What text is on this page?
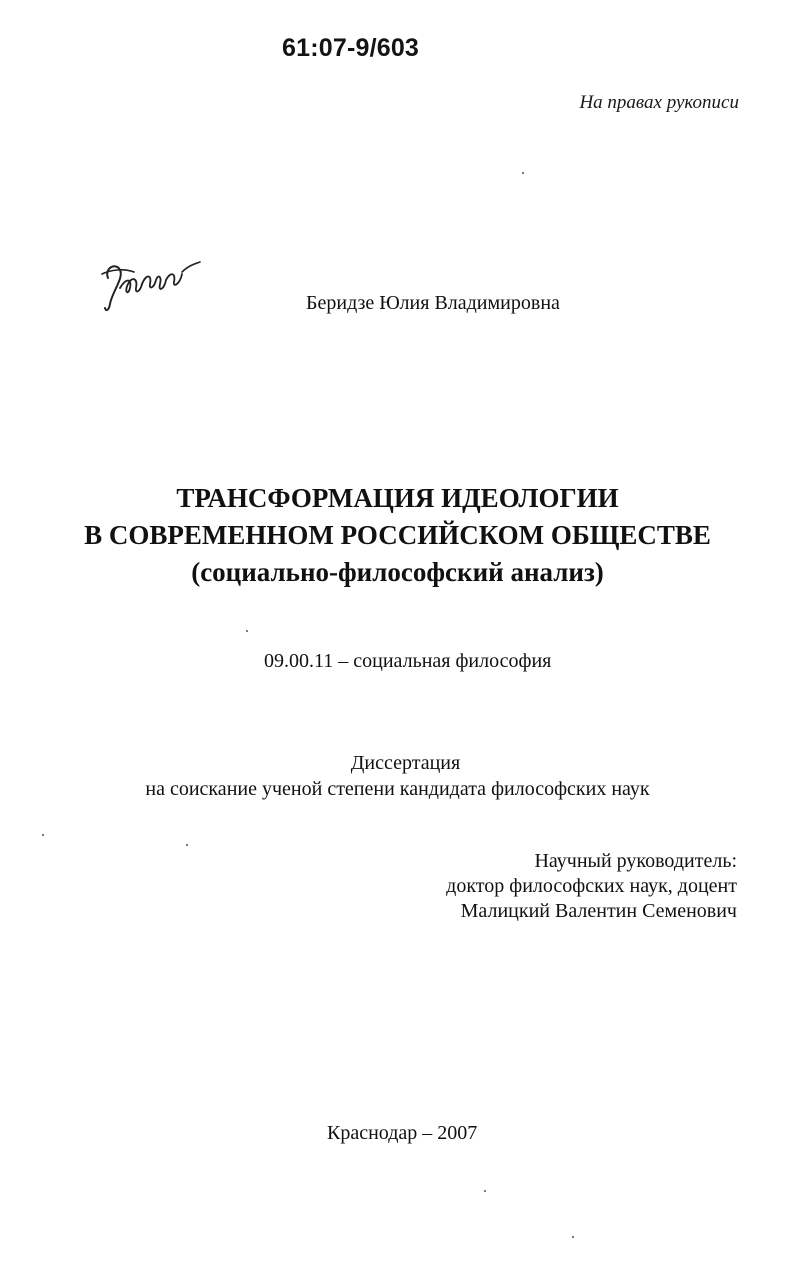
61:07-9/603
На правах рукописи
Беридзе Юлия Владимировна
ТРАНСФОРМАЦИЯ ИДЕОЛОГИИ
В СОВРЕМЕННОМ РОССИЙСКОМ ОБЩЕСТВЕ
(социально-философский анализ)
09.00.11 – социальная философия
Диссертация
на соискание ученой степени кандидата философских наук
Научный руководитель:
доктор философских наук, доцент
Малицкий Валентин Семенович
Краснодар – 2007
